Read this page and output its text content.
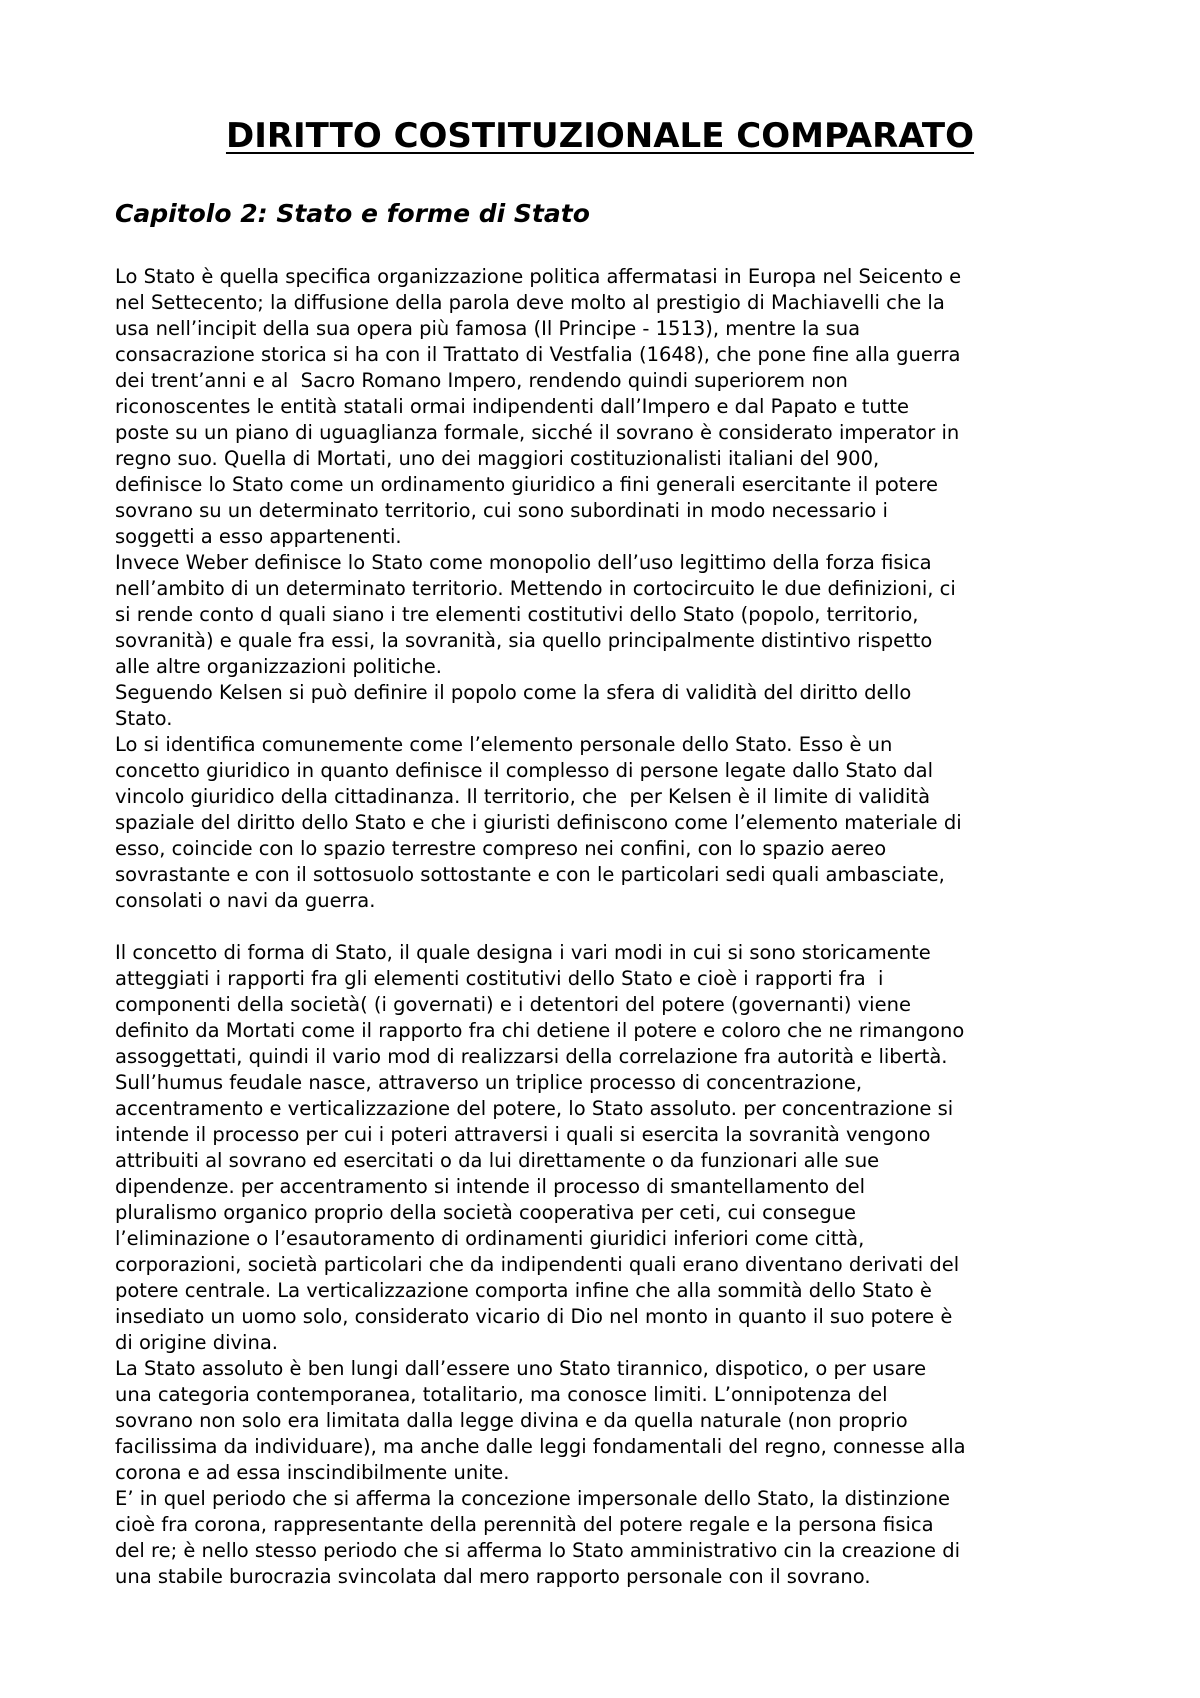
DIRITTO COSTITUZIONALE COMPARATO
Capitolo 2: Stato e forme di Stato
Lo Stato è quella specifica organizzazione politica affermatasi in Europa nel Seicento e
nel Settecento; la diffusione della parola deve molto al prestigio di Machiavelli che la
usa nell’incipit della sua opera più famosa (Il Principe - 1513), mentre la sua
consacrazione storica si ha con il Trattato di Vestfalia (1648), che pone fine alla guerra
dei trent’anni e al  Sacro Romano Impero, rendendo quindi superiorem non
riconoscentes le entità statali ormai indipendenti dall’Impero e dal Papato e tutte
poste su un piano di uguaglianza formale, sicché il sovrano è considerato imperator in
regno suo. Quella di Mortati, uno dei maggiori costituzionalisti italiani del 900,
definisce lo Stato come un ordinamento giuridico a fini generali esercitante il potere
sovrano su un determinato territorio, cui sono subordinati in modo necessario i
soggetti a esso appartenenti.
Invece Weber definisce lo Stato come monopolio dell’uso legittimo della forza fisica
nell’ambito di un determinato territorio. Mettendo in cortocircuito le due definizioni, ci
si rende conto d quali siano i tre elementi costitutivi dello Stato (popolo, territorio,
sovranità) e quale fra essi, la sovranità, sia quello principalmente distintivo rispetto
alle altre organizzazioni politiche.
Seguendo Kelsen si può definire il popolo come la sfera di validità del diritto dello
Stato.
Lo si identifica comunemente come l’elemento personale dello Stato. Esso è un
concetto giuridico in quanto definisce il complesso di persone legate dallo Stato dal
vincolo giuridico della cittadinanza. Il territorio, che  per Kelsen è il limite di validità
spaziale del diritto dello Stato e che i giuristi definiscono come l’elemento materiale di
esso, coincide con lo spazio terrestre compreso nei confini, con lo spazio aereo
sovrastante e con il sottosuolo sottostante e con le particolari sedi quali ambasciate,
consolati o navi da guerra.
Il concetto di forma di Stato, il quale designa i vari modi in cui si sono storicamente
atteggiati i rapporti fra gli elementi costitutivi dello Stato e cioè i rapporti fra  i
componenti della società( (i governati) e i detentori del potere (governanti) viene
definito da Mortati come il rapporto fra chi detiene il potere e coloro che ne rimangono
assoggettati, quindi il vario mod di realizzarsi della correlazione fra autorità e libertà.
Sull’humus feudale nasce, attraverso un triplice processo di concentrazione,
accentramento e verticalizzazione del potere, lo Stato assoluto. per concentrazione si
intende il processo per cui i poteri attraversi i quali si esercita la sovranità vengono
attribuiti al sovrano ed esercitati o da lui direttamente o da funzionari alle sue
dipendenze. per accentramento si intende il processo di smantellamento del
pluralismo organico proprio della società cooperativa per ceti, cui consegue
l’eliminazione o l’esautoramento di ordinamenti giuridici inferiori come città,
corporazioni, società particolari che da indipendenti quali erano diventano derivati del
potere centrale. La verticalizzazione comporta infine che alla sommità dello Stato è
insediato un uomo solo, considerato vicario di Dio nel monto in quanto il suo potere è
di origine divina.
La Stato assoluto è ben lungi dall’essere uno Stato tirannico, dispotico, o per usare
una categoria contemporanea, totalitario, ma conosce limiti. L’onnipotenza del
sovrano non solo era limitata dalla legge divina e da quella naturale (non proprio
facilissima da individuare), ma anche dalle leggi fondamentali del regno, connesse alla
corona e ad essa inscindibilmente unite.
E’ in quel periodo che si afferma la concezione impersonale dello Stato, la distinzione
cioè fra corona, rappresentante della perennità del potere regale e la persona fisica
del re; è nello stesso periodo che si afferma lo Stato amministrativo cin la creazione di
una stabile burocrazia svincolata dal mero rapporto personale con il sovrano.
